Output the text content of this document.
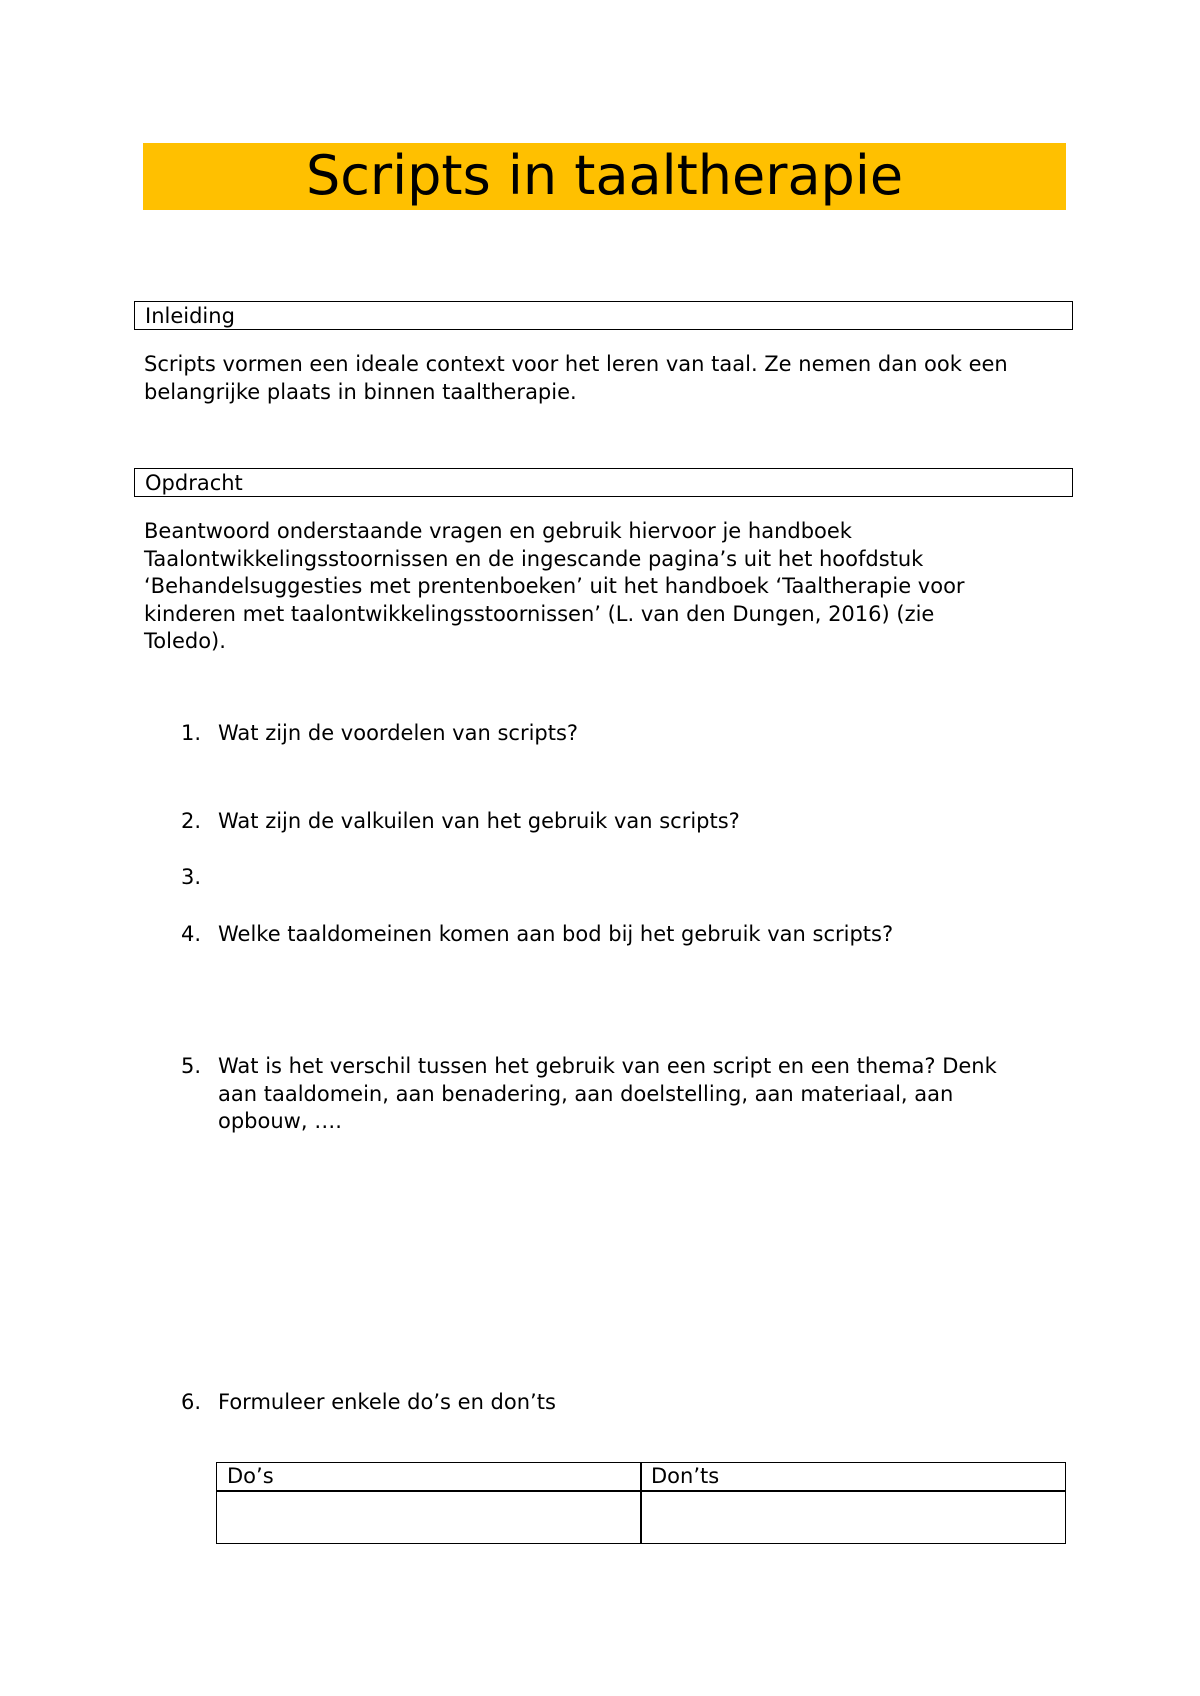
Scripts in taaltherapie
Inleiding

Scripts vormen een ideale context voor het leren van taal. Ze nemen dan ook een
belangrijke plaats in binnen taaltherapie.

Opdracht

Beantwoord onderstaande vragen en gebruik hiervoor je handboek
Taalontwikkelingsstoornissen en de ingescande pagina’s uit het hoofdstuk
‘Behandelsuggesties met prentenboeken’ uit het handboek ‘Taaltherapie voor
kinderen met taalontwikkelingsstoornissen’ (L. van den Dungen, 2016) (zie
Toledo).

1. Wat zijn de voordelen van scripts?
2. Wat zijn de valkuilen van het gebruik van scripts?
3.
4. Welke taaldomeinen komen aan bod bij het gebruik van scripts?
5. Wat is het verschil tussen het gebruik van een script en een thema? Denk
aan taaldomein, aan benadering, aan doelstelling, aan materiaal, aan
opbouw, ….
6. Formuleer enkele do’s en don’ts
Do’s	Don’ts
